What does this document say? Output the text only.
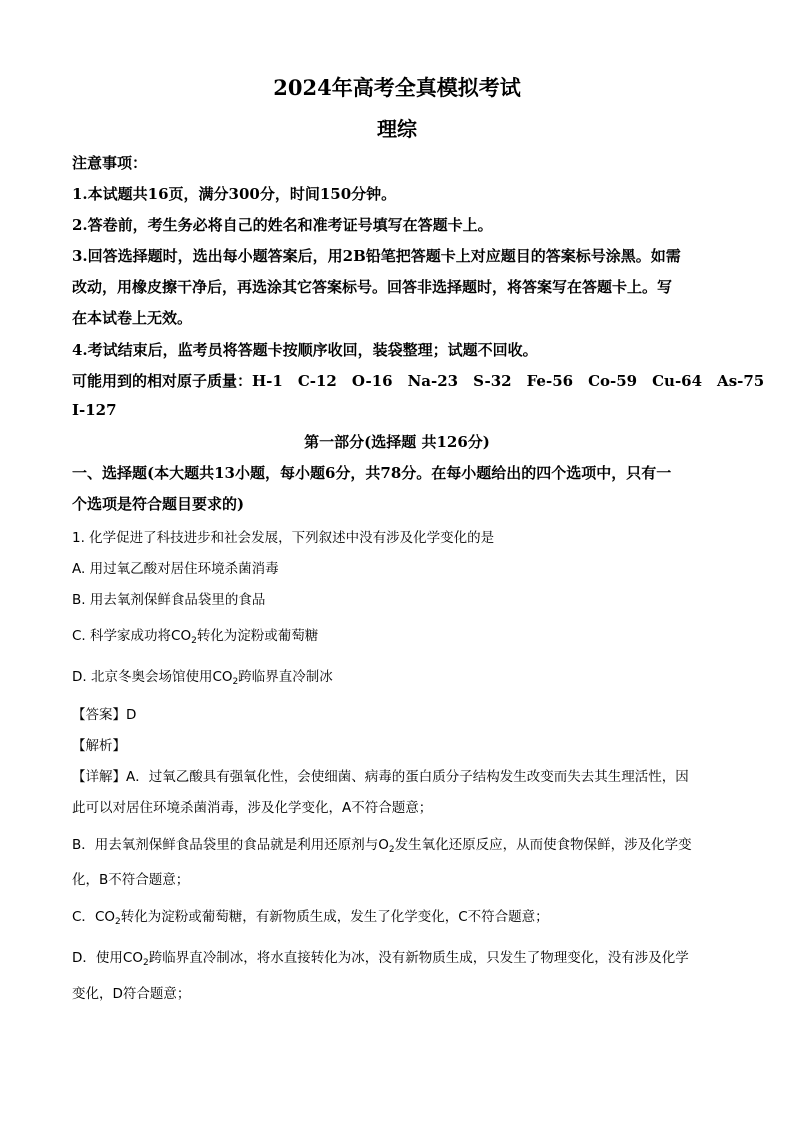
2024年高考全真模拟考试
理综
注意事项：
1.本试题共16页，满分300分，时间150分钟。
2.答卷前，考生务必将自己的姓名和准考证号填写在答题卡上。
3.回答选择题时，选出每小题答案后，用2B铅笔把答题卡上对应题目的答案标号涂黑。如需
改动，用橡皮擦干净后，再选涂其它答案标号。回答非选择题时，将答案写在答题卡上。写
在本试卷上无效。
4.考试结束后，监考员将答题卡按顺序收回，装袋整理；试题不回收。
可能用到的相对原子质量：H-1　C-12　O-16　Na-23　S-32　Fe-56　Co-59　Cu-64　As-75
I-127
第一部分(选择题 共126分)
一、选择题(本大题共13小题，每小题6分，共78分。在每小题给出的四个选项中，只有一
个选项是符合题目要求的)
1. 化学促进了科技进步和社会发展，下列叙述中没有涉及化学变化的是
A. 用过氧乙酸对居住环境杀菌消毒
B. 用去氧剂保鲜食品袋里的食品
C. 科学家成功将$CO_2$转化为淀粉或葡萄糖
D. 北京冬奥会场馆使用$CO_2$跨临界直冷制冰
【答案】D
【解析】
【详解】A．过氧乙酸具有强氧化性，会使细菌、病毒的蛋白质分子结构发生改变而失去其生理活性，因
此可以对居住环境杀菌消毒，涉及化学变化，A不符合题意；
B．用去氧剂保鲜食品袋里的食品就是利用还原剂与$O_2$发生氧化还原反应，从而使食物保鲜，涉及化学变
化，B不符合题意；
C．$CO_2$转化为淀粉或葡萄糖，有新物质生成，发生了化学变化，C不符合题意；
D．使用$CO_2$跨临界直冷制冰，将水直接转化为冰，没有新物质生成，只发生了物理变化，没有涉及化学
变化，D符合题意；
